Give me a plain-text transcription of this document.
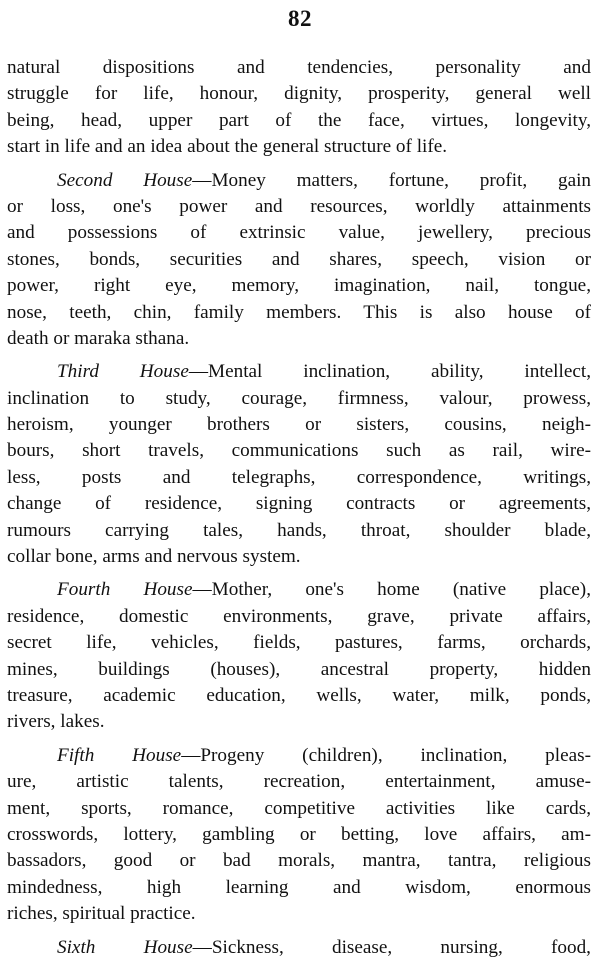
82
natural dispositions and tendencies, personality and
struggle for life, honour, dignity, prosperity, general well
being, head, upper part of the face, virtues, longevity,
start in life and an idea about the general structure of life.
Second House—Money matters, fortune, profit, gain
or loss, one's power and resources, worldly attainments
and possessions of extrinsic value, jewellery, precious
stones, bonds, securities and shares, speech, vision or
power, right eye, memory, imagination, nail, tongue,
nose, teeth, chin, family members. This is also house of
death or maraka sthana.
Third House—Mental inclination, ability, intellect,
inclination to study, courage, firmness, valour, prowess,
heroism, younger brothers or sisters, cousins, neigh-
bours, short travels, communications such as rail, wire-
less, posts and telegraphs, correspondence, writings,
change of residence, signing contracts or agreements,
rumours carrying tales, hands, throat, shoulder blade,
collar bone, arms and nervous system.
Fourth House—Mother, one's home (native place),
residence, domestic environments, grave, private affairs,
secret life, vehicles, fields, pastures, farms, orchards,
mines, buildings (houses), ancestral property, hidden
treasure, academic education, wells, water, milk, ponds,
rivers, lakes.
Fifth House—Progeny (children), inclination, pleas-
ure, artistic talents, recreation, entertainment, amuse-
ment, sports, romance, competitive activities like cards,
crosswords, lottery, gambling or betting, love affairs, am-
bassadors, good or bad morals, mantra, tantra, religious
mindedness, high learning and wisdom, enormous
riches, spiritual practice.
Sixth House—Sickness, disease, nursing, food,
